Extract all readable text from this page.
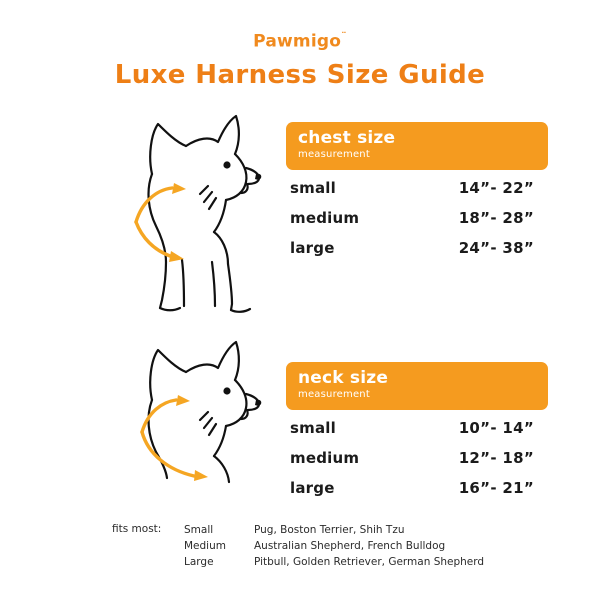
Pawmigo¨
Luxe Harness Size Guide
chest size
measurement
small	14”- 22”
medium	18”- 28”
large	24”- 38”
neck size
measurement
small	10”- 14”
medium	12”- 18”
large	16”- 21”
fits most:	Small	Pug, Boston Terrier, Shih Tzu
Medium	Australian Shepherd, French Bulldog
Large	Pitbull, Golden Retriever, German Shepherd
